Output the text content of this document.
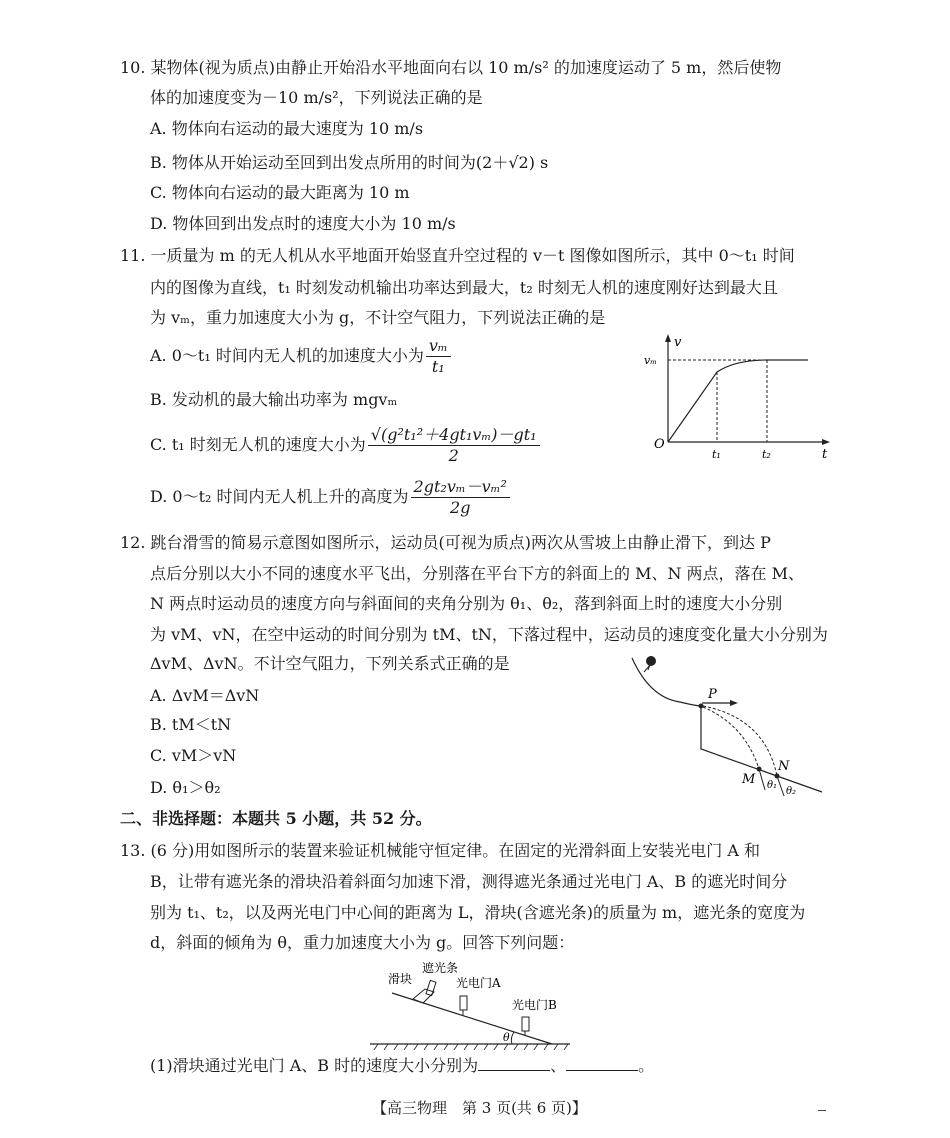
10. 某物体(视为质点)由静止开始沿水平地面向右以 10 m/s² 的加速度运动了 5 m，然后使物
体的加速度变为－10 m/s²，下列说法正确的是
A. 物体向右运动的最大速度为 10 m/s
B. 物体从开始运动至回到出发点所用的时间为(2＋√2) s
C. 物体向右运动的最大距离为 10 m
D. 物体回到出发点时的速度大小为 10 m/s
11. 一质量为 m 的无人机从水平地面开始竖直升空过程的 v－t 图像如图所示，其中 0～t₁ 时间
内的图像为直线，t₁ 时刻发动机输出功率达到最大，t₂ 时刻无人机的速度刚好达到最大且
为 vₘ，重力加速度大小为 g，不计空气阻力，下列说法正确的是
A. 0～t₁ 时间内无人机的加速度大小为 $\frac{\text{vₘ}}{\text{t₁}}$
B. 发动机的最大输出功率为 mgvₘ
C. t₁ 时刻无人机的速度大小为 $\frac{\text{√(g²t₁²＋4gt₁vₘ)－gt₁}}{2}$
D. 0～t₂ 时间内无人机上升的高度为 $\frac{\text{2gt₂vₘ－vₘ²}}{2g}$
v
vₘ
O
t₁	t₂	t
12. 跳台滑雪的简易示意图如图所示，运动员(可视为质点)两次从雪坡上由静止滑下，到达 P
点后分别以大小不同的速度水平飞出，分别落在平台下方的斜面上的 M、N 两点，落在 M、
N 两点时运动员的速度方向与斜面间的夹角分别为 θ₁、θ₂，落到斜面上时的速度大小分别
为 vM、vN，在空中运动的时间分别为 tM、tN，下落过程中，运动员的速度变化量大小分别为
ΔvM、ΔvN。不计空气阻力，下列关系式正确的是
A. ΔvM＝ΔvN
B. tM＜tN
C. vM＞vN
D. θ₁＞θ₂
P
M
N
θ₁
θ₂
二、非选择题：本题共 5 小题，共 52 分。
13. (6 分)用如图所示的装置来验证机械能守恒定律。在固定的光滑斜面上安装光电门 A 和
B，让带有遮光条的滑块沿着斜面匀加速下滑，测得遮光条通过光电门 A、B 的遮光时间分
别为 t₁、t₂，以及两光电门中心间的距离为 L，滑块(含遮光条)的质量为 m，遮光条的宽度为
d，斜面的倾角为 θ，重力加速度大小为 g。回答下列问题：
滑块
遮光条
光电门A
光电门B
θ
(1)滑块通过光电门 A、B 时的速度大小分别为	、	。
【高三物理　第 3 页(共 6 页)】
